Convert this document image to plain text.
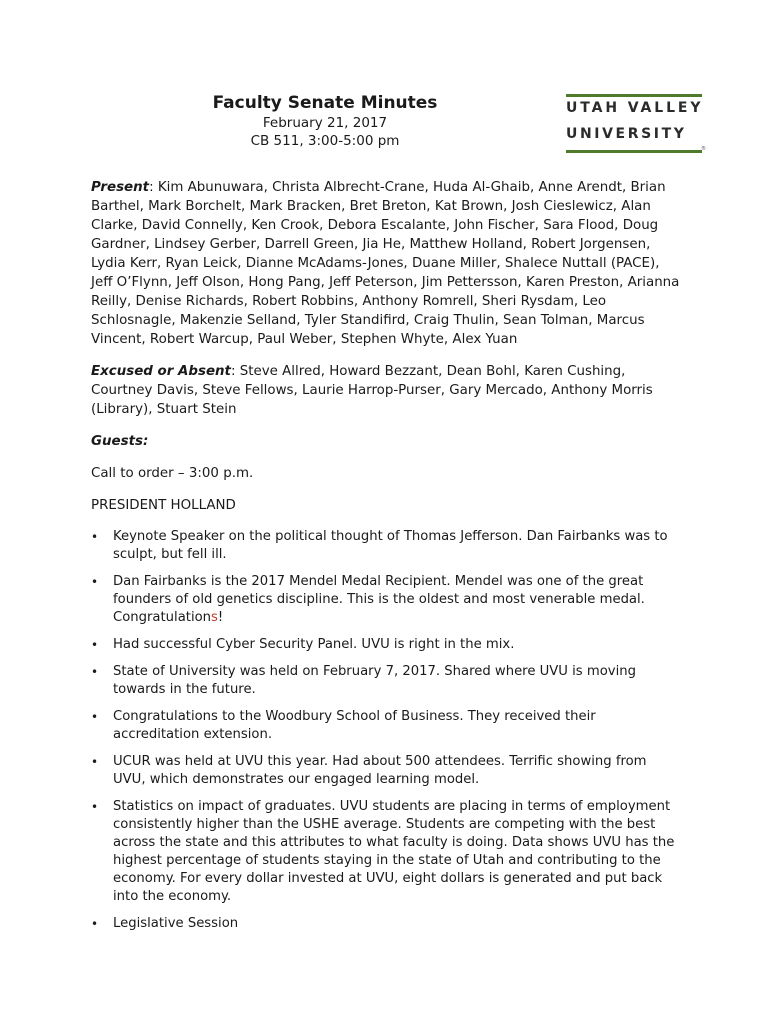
Faculty Senate Minutes

February 21, 2017

CB 511, 3:00-5:00 pm

UTAH VALLEY
UNIVERSITY
®

Present: Kim Abunuwara, Christa Albrecht-Crane, Huda Al-Ghaib, Anne Arendt, Brian Barthel, Mark Borchelt, Mark Bracken, Bret Breton, Kat Brown, Josh Cieslewicz, Alan Clarke, David Connelly, Ken Crook, Debora Escalante, John Fischer, Sara Flood, Doug Gardner, Lindsey Gerber, Darrell Green, Jia He, Matthew Holland, Robert Jorgensen, Lydia Kerr, Ryan Leick, Dianne McAdams-Jones, Duane Miller, Shalece Nuttall (PACE), Jeff O’Flynn, Jeff Olson, Hong Pang, Jeff Peterson, Jim Pettersson, Karen Preston, Arianna Reilly, Denise Richards, Robert Robbins, Anthony Romrell, Sheri Rysdam, Leo Schlosnagle, Makenzie Selland, Tyler Standifird, Craig Thulin, Sean Tolman, Marcus Vincent, Robert Warcup, Paul Weber, Stephen Whyte, Alex Yuan

Excused or Absent: Steve Allred, Howard Bezzant, Dean Bohl, Karen Cushing, Courtney Davis, Steve Fellows, Laurie Harrop-Purser, Gary Mercado, Anthony Morris (Library), Stuart Stein

Guests:

Call to order – 3:00 p.m.

PRESIDENT HOLLAND

• Keynote Speaker on the political thought of Thomas Jefferson. Dan Fairbanks was to sculpt, but fell ill.
• Dan Fairbanks is the 2017 Mendel Medal Recipient. Mendel was one of the great founders of old genetics discipline. This is the oldest and most venerable medal. Congratulations!
• Had successful Cyber Security Panel. UVU is right in the mix.
• State of University was held on February 7, 2017. Shared where UVU is moving towards in the future.
• Congratulations to the Woodbury School of Business. They received their accreditation extension.
• UCUR was held at UVU this year. Had about 500 attendees. Terrific showing from UVU, which demonstrates our engaged learning model.
• Statistics on impact of graduates. UVU students are placing in terms of employment consistently higher than the USHE average. Students are competing with the best across the state and this attributes to what faculty is doing. Data shows UVU has the highest percentage of students staying in the state of Utah and contributing to the economy. For every dollar invested at UVU, eight dollars is generated and put back into the economy.
• Legislative Session
